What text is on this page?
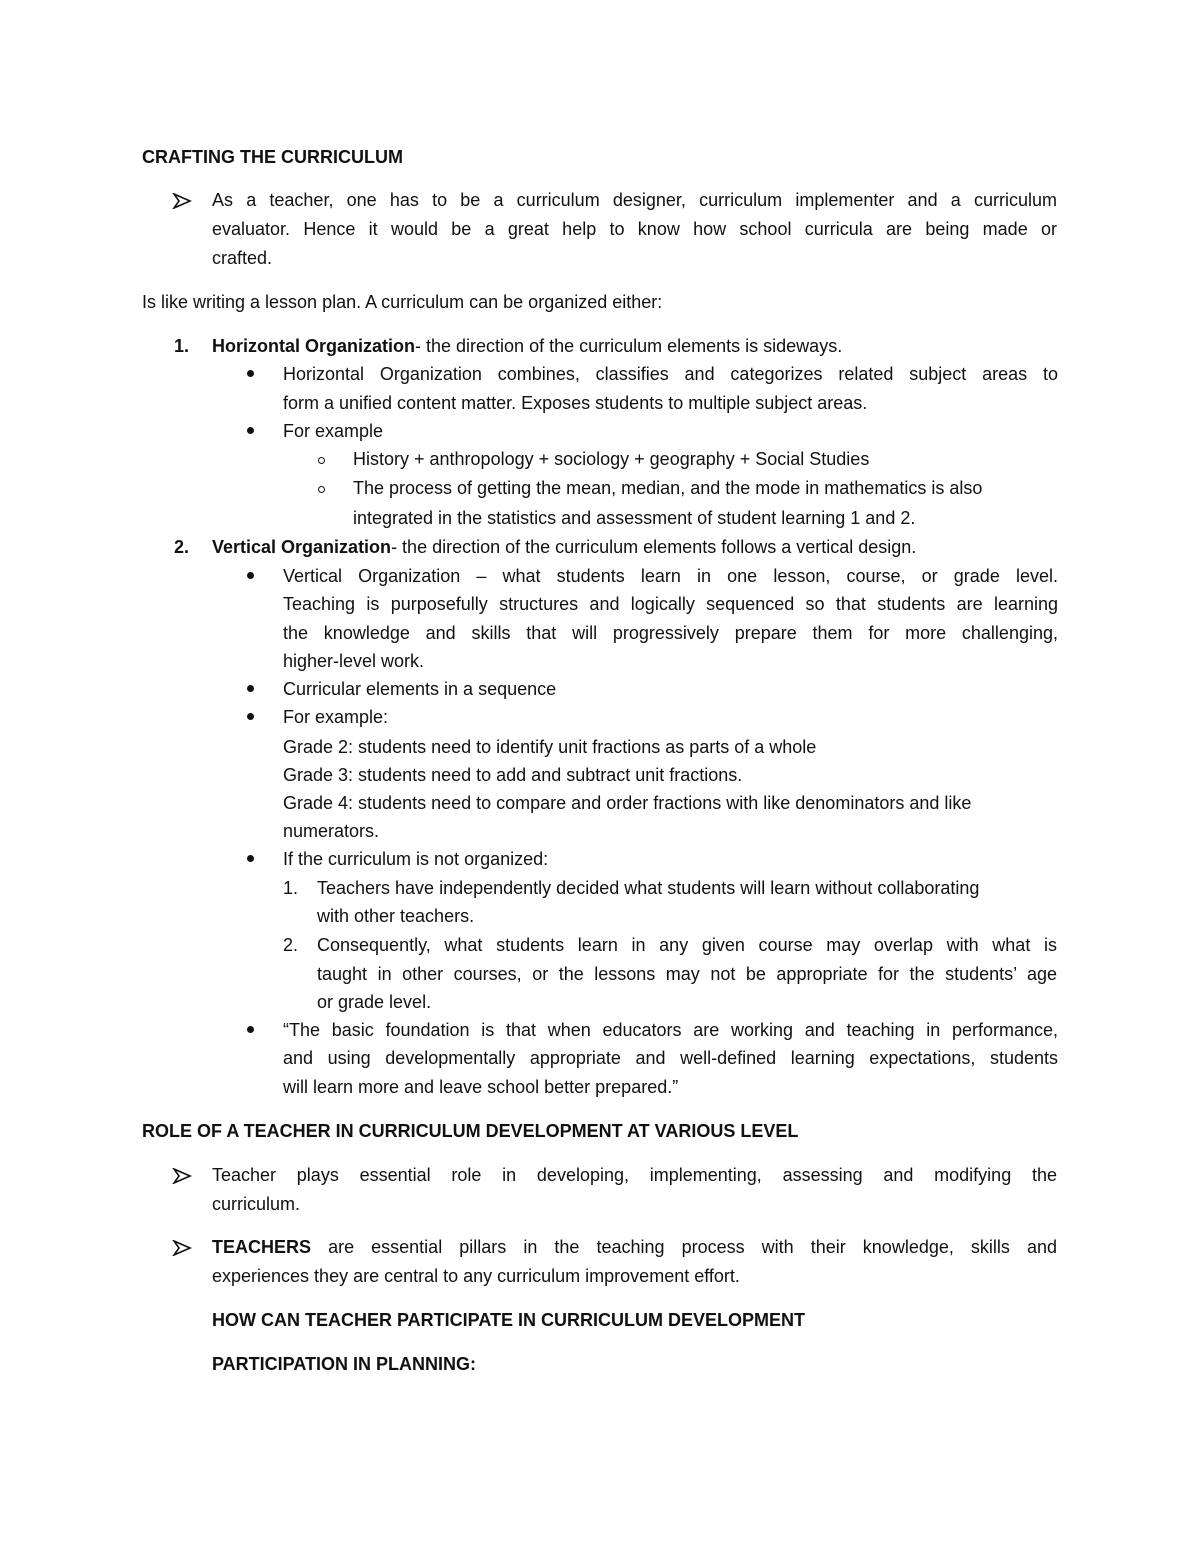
CRAFTING THE CURRICULUM
As a teacher, one has to be a curriculum designer, curriculum implementer and a curriculum
evaluator. Hence it would be a great help to know how school curricula are being made or
crafted.
Is like writing a lesson plan. A curriculum can be organized either:
1. Horizontal Organization- the direction of the curriculum elements is sideways.
Horizontal Organization combines, classifies and categorizes related subject areas to
form a unified content matter. Exposes students to multiple subject areas.
For example
History + anthropology + sociology + geography + Social Studies
The process of getting the mean, median, and the mode in mathematics is also
integrated in the statistics and assessment of student learning 1 and 2.
2. Vertical Organization- the direction of the curriculum elements follows a vertical design.
Vertical Organization – what students learn in one lesson, course, or grade level.
Teaching is purposefully structures and logically sequenced so that students are learning
the knowledge and skills that will progressively prepare them for more challenging,
higher-level work.
Curricular elements in a sequence
For example:
Grade 2: students need to identify unit fractions as parts of a whole
Grade 3: students need to add and subtract unit fractions.
Grade 4: students need to compare and order fractions with like denominators and like
numerators.
If the curriculum is not organized:
1. Teachers have independently decided what students will learn without collaborating
with other teachers.
2. Consequently, what students learn in any given course may overlap with what is
taught in other courses, or the lessons may not be appropriate for the students’ age
or grade level.
“The basic foundation is that when educators are working and teaching in performance,
and using developmentally appropriate and well-defined learning expectations, students
will learn more and leave school better prepared.”
ROLE OF A TEACHER IN CURRICULUM DEVELOPMENT AT VARIOUS LEVEL
Teacher plays essential role in developing, implementing, assessing and modifying the
curriculum.
TEACHERS are essential pillars in the teaching process with their knowledge, skills and
experiences they are central to any curriculum improvement effort.
HOW CAN TEACHER PARTICIPATE IN CURRICULUM DEVELOPMENT
PARTICIPATION IN PLANNING:
